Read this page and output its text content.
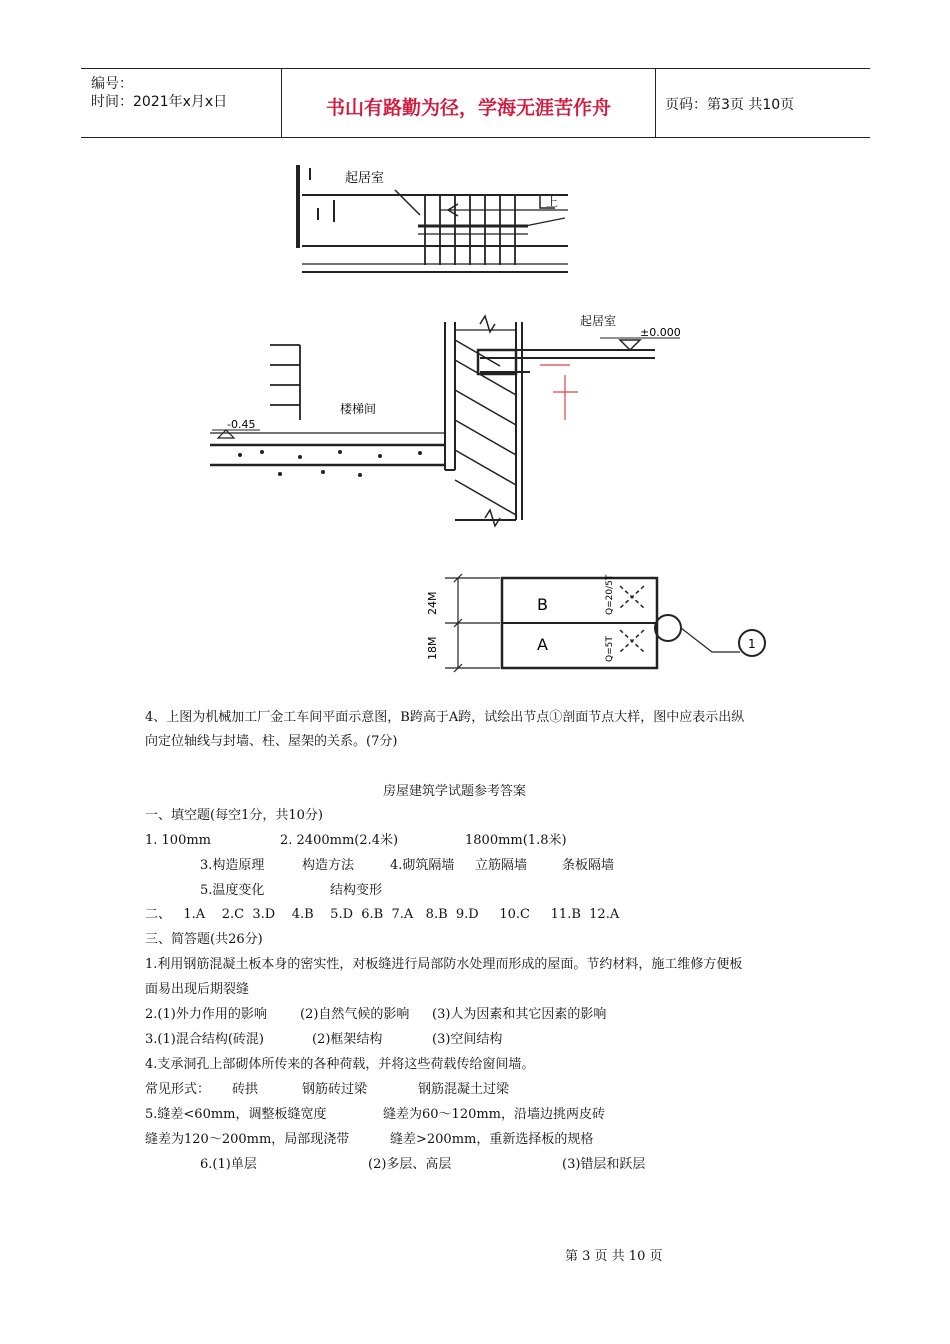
编号：
时间：2021年x月x日	书山有路勤为径，学海无涯苦作舟	页码：第3页 共10页
起居室
上
起居室
±0.000
楼梯间
-0.45
B
A
24M
18M
Q=20/5T
Q=5T	1
4、上图为机械加工厂金工车间平面示意图，B跨高于A跨，试绘出节点①剖面节点大样，图中应表示出纵
向定位轴线与封墙、柱、屋架的关系。(7分)
房屋建筑学试题参考答案
一、填空题(每空1分，共10分)
1. 100mm	2. 2400mm(2.4米)	1800mm(1.8米)
3.构造原理	构造方法	4.砌筑隔墙 立筋隔墙	条板隔墙
5.温度变化	结构变形
二、   1.A    2.C  3.D    4.B    5.D  6.B  7.A   8.B  9.D     10.C     11.B  12.A
三、简答题(共26分)
1.利用钢筋混凝土板本身的密实性，对板缝进行局部防水处理而形成的屋面。节约材料，施工维修方便板
面易出现后期裂缝
2.(1)外力作用的影响	(2)自然气候的影响 (3)人为因素和其它因素的影响
3.(1)混合结构(砖混)	(2)框架结构	(3)空间结构
4.支承洞孔上部砌体所传来的各种荷载，并将这些荷载传给窗间墙。
常见形式： 砖拱	钢筋砖过梁	钢筋混凝土过梁
5.缝差<60mm，调整板缝宽度	缝差为60～120mm，沿墙边挑两皮砖
缝差为120～200mm，局部现浇带	缝差>200mm，重新选择板的规格
6.(1)单层	(2)多层、高层	(3)错层和跃层
第 3 页 共 10 页
